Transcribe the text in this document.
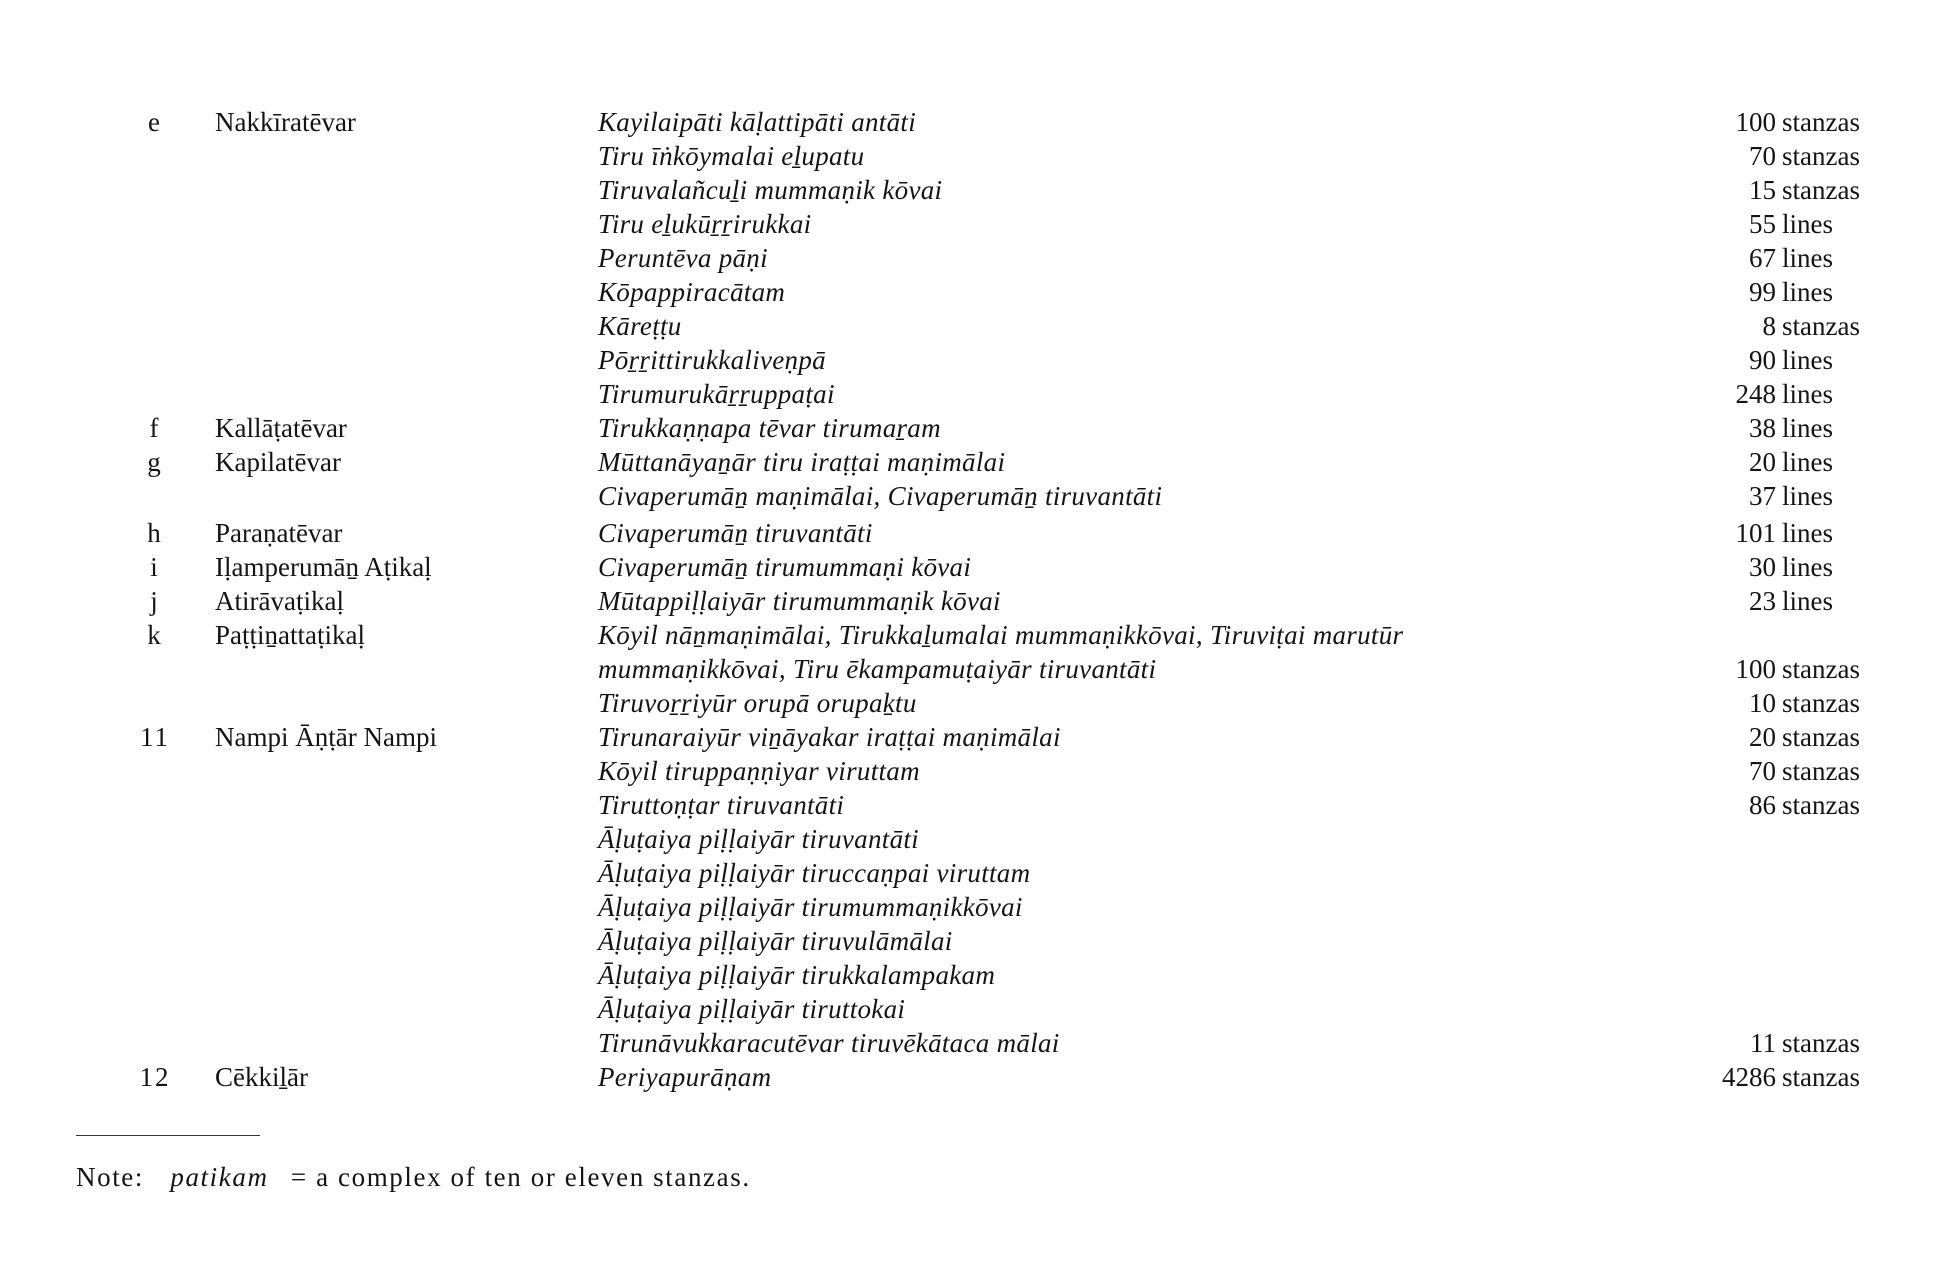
e	Nakkīratēvar	Kayilaipāti kāḷattipāti antāti	100 stanzas
Tiru īṅkōymalai eḻupatu	70 stanzas
Tiruvalañcuḻi mummaṇik kōvai	15 stanzas
Tiru eḻukūṟṟirukkai	55 lines
Peruntēva pāṇi	67 lines
Kōpappiracātam	99 lines
Kāreṭṭu	8 stanzas
Pōṟṟittirukkaliveṇpā	90 lines
Tirumurukāṟṟuppaṭai	248 lines
f	Kallāṭatēvar	Tirukkaṇṇapa tēvar tirumaṟam	38 lines
g	Kapilatēvar	Mūttanāyaṉār tiru iraṭṭai maṇimālai	20 lines
Civaperumāṉ maṇimālai, Civaperumāṉ tiruvantāti	37 lines
h	Paraṇatēvar	Civaperumāṉ tiruvantāti	101 lines
i	Iḷamperumāṉ Aṭikaḷ	Civaperumāṉ tirumummaṇi kōvai	30 lines
j	Atirāvaṭikaḷ	Mūtappiḷḷaiyār tirumummaṇik kōvai	23 lines
k	Paṭṭiṉattaṭikaḷ	Kōyil nāṉmaṇimālai, Tirukkaḻumalai mummaṇikkōvai, Tiruviṭai marutūr
mummaṇikkōvai, Tiru ēkampamuṭaiyār tiruvantāti	100 stanzas
Tiruvoṟṟiyūr orupā orupaḵtu	10 stanzas
11	Nampi Āṇṭār Nampi	Tirunaraiyūr viṉāyakar iraṭṭai maṇimālai	20 stanzas
Kōyil tiruppaṇṇiyar viruttam	70 stanzas
Tiruttoṇṭar tiruvantāti	86 stanzas
Āḷuṭaiya piḷḷaiyār tiruvantāti
Āḷuṭaiya piḷḷaiyār tiruccaṇpai viruttam
Āḷuṭaiya piḷḷaiyār tirumummaṇikkōvai
Āḷuṭaiya piḷḷaiyār tiruvulāmālai
Āḷuṭaiya piḷḷaiyār tirukkalampakam
Āḷuṭaiya piḷḷaiyār tiruttokai
Tirunāvukkaracutēvar tiruvēkātaca mālai	11 stanzas
12	Cēkkiḻār	Periyapurāṇam	4286 stanzas
Note: patikam = a complex of ten or eleven stanzas.
